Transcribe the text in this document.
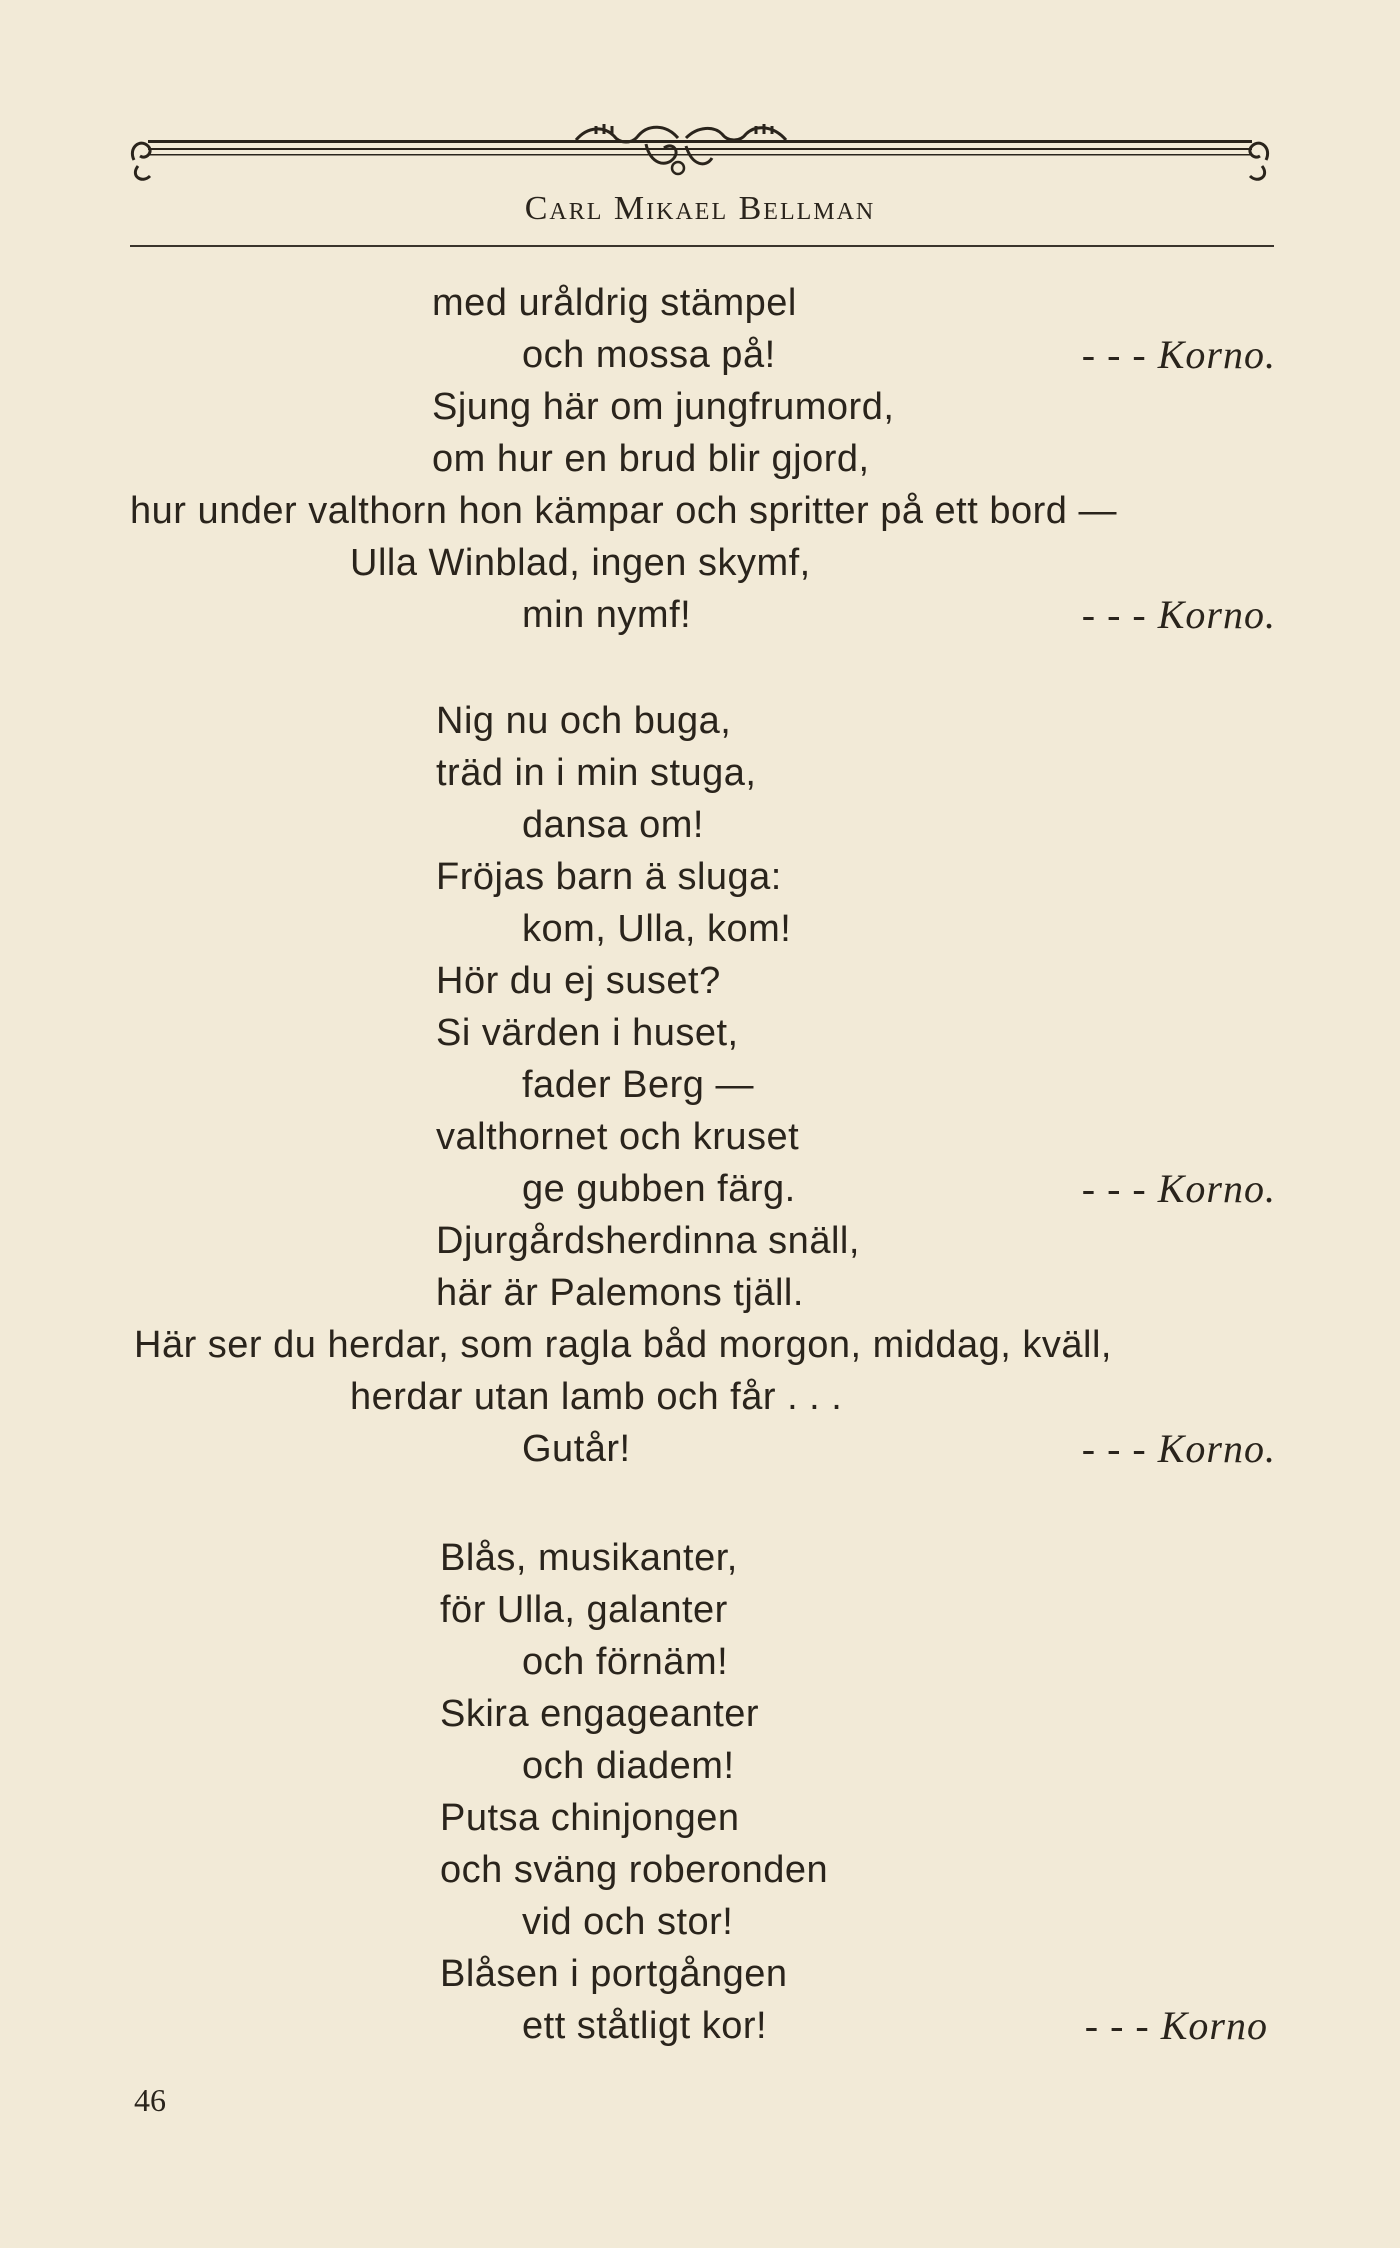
Carl Mikael Bellman
med uråldrig stämpel
och mossa på!	- - - Korno.
Sjung här om jungfrumord,
om hur en brud blir gjord,
hur under valthorn hon kämpar och spritter på ett bord —
Ulla Winblad, ingen skymf,
min nymf!	- - - Korno.
Nig nu och buga,
träd in i min stuga,
dansa om!
Fröjas barn ä sluga:
kom, Ulla, kom!
Hör du ej suset?
Si värden i huset,
fader Berg —
valthornet och kruset
ge gubben färg.	- - - Korno.
Djurgårdsherdinna snäll,
här är Palemons tjäll.
Här ser du herdar, som ragla båd morgon, middag, kväll,
herdar utan lamb och får . . .
Gutår!	- - - Korno.
Blås, musikanter,
för Ulla, galanter
och förnäm!
Skira engageanter
och diadem!
Putsa chinjongen
och sväng roberonden
vid och stor!
Blåsen i portgången
ett ståtligt kor!	- - - Korno
46
